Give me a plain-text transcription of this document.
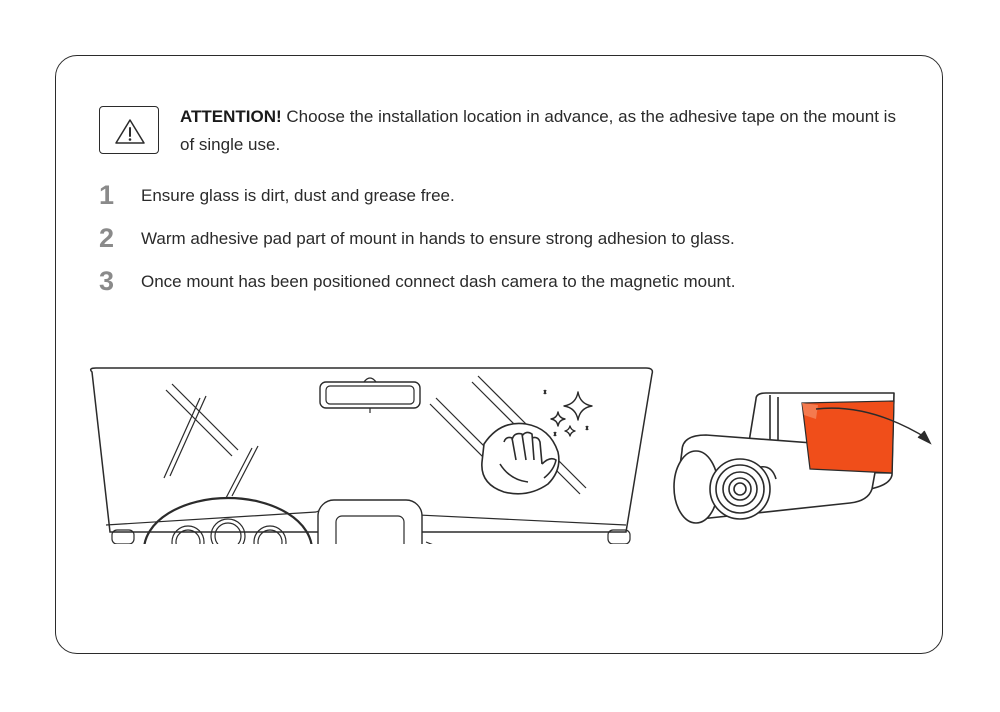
ATTENTION! Choose the installation location in advance, as the adhesive tape on the mount is of single use.
1	Ensure glass is dirt, dust and grease free.
2	Warm adhesive pad part of mount in hands to ensure strong adhesion to glass.
3	Once mount has been positioned connect dash camera to the magnetic mount.
